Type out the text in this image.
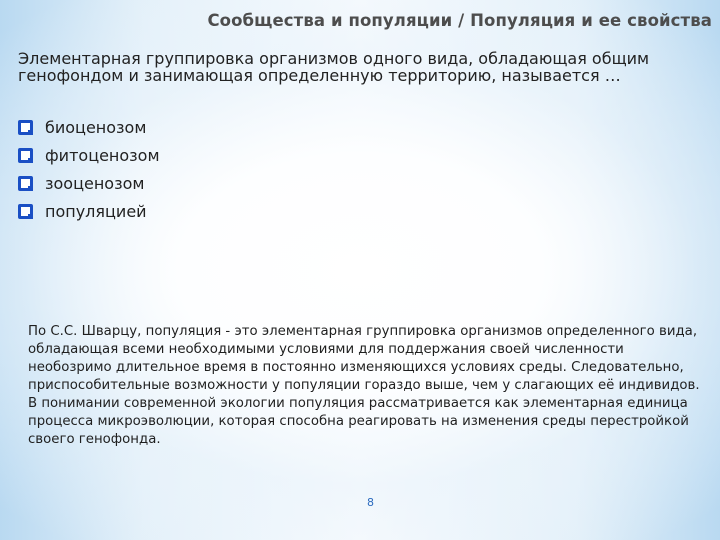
Сообщества и популяции / Популяция и ее свойства
Элементарная группировка организмов одного вида, обладающая общим генофондом и занимающая определенную территорию, называется …
биоценозом
фитоценозом
зооценозом
популяцией

По С.С. Шварцу, популяция - это элементарная группировка организмов определенного вида, обладающая всеми необходимыми условиями для поддержания своей численности необозримо длительное время в постоянно изменяющихся условиях среды. Следовательно, приспособительные возможности у популяции гораздо выше, чем у слагающих её индивидов.

В понимании современной экологии популяция рассматривается как элементарная единица процесса микроэволюции, которая способна реагировать на изменения среды перестройкой своего генофонда.

8
